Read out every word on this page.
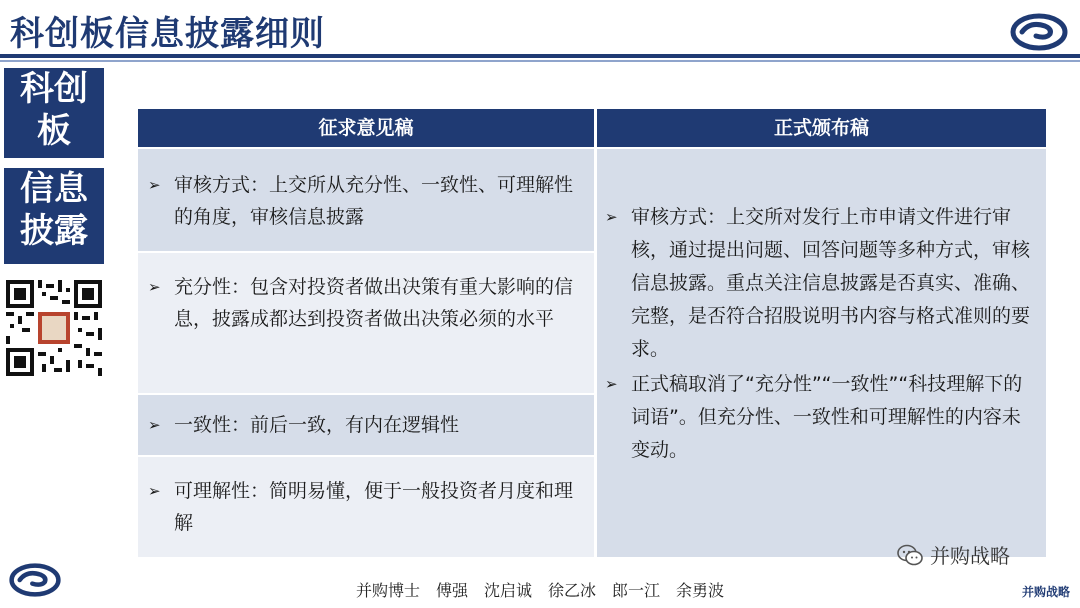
科创板信息披露细则
科创
板
信息
披露
征求意见稿	正式颁布稿
➢ 审核方式：上交所从充分性、一致性、可理解性的角度，审核信息披露
➢ 充分性：包含对投资者做出决策有重大影响的信息，披露成都达到投资者做出决策必须的水平
➢ 一致性：前后一致，有内在逻辑性
➢ 可理解性：简明易懂，便于一般投资者月度和理解
➢ 审核方式：上交所对发行上市申请文件进行审核，通过提出问题、回答问题等多种方式，审核信息披露。重点关注信息披露是否真实、准确、完整，是否符合招股说明书内容与格式准则的要求。
➢ 正式稿取消了“充分性”“一致性”“科技理解下的词语”。但充分性、一致性和可理解性的内容未变动。
并购战略
并购战略
并购博士　傅强　沈启诚　徐乙冰　郎一江　余勇波
